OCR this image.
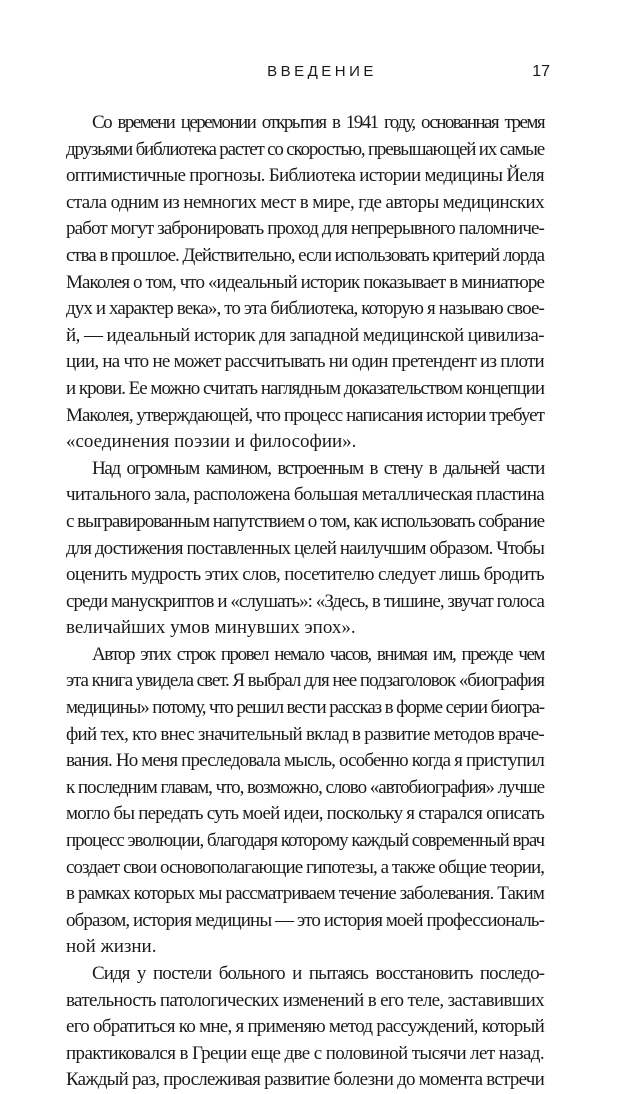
ВВЕДЕНИЕ	17
Со времени церемонии открытия в 1941 году, основанная тремя
друзьями библиотека растет со скоростью, превышающей их самые
оптимистичные прогнозы. Библиотека истории медицины Йеля
стала одним из немногих мест в мире, где авторы медицинских
работ могут забронировать проход для непрерывного паломниче-
ства в прошлое. Действительно, если использовать критерий лорда
Маколея о том, что «идеальный историк показывает в миниатюре
дух и характер века», то эта библиотека, которую я называю свое-
й, — идеальный историк для западной медицинской цивилиза-
ции, на что не может рассчитывать ни один претендент из плоти
и крови. Ее можно считать наглядным доказательством концепции
Маколея, утверждающей, что процесс написания истории требует
«соединения поэзии и философии».
Над огромным камином, встроенным в стену в дальней части
читального зала, расположена большая металлическая пластина
с выгравированным напутствием о том, как использовать собрание
для достижения поставленных целей наилучшим образом. Чтобы
оценить мудрость этих слов, посетителю следует лишь бродить
среди манускриптов и «слушать»: «Здесь, в тишине, звучат голоса
величайших умов минувших эпох».
Автор этих строк провел немало часов, внимая им, прежде чем
эта книга увидела свет. Я выбрал для нее подзаголовок «биография
медицины» потому, что решил вести рассказ в форме серии биогра-
фий тех, кто внес значительный вклад в развитие методов враче-
вания. Но меня преследовала мысль, особенно когда я приступил
к последним главам, что, возможно, слово «автобиография» лучше
могло бы передать суть моей идеи, поскольку я старался описать
процесс эволюции, благодаря которому каждый современный врач
создает свои основополагающие гипотезы, а также общие теории,
в рамках которых мы рассматриваем течение заболевания. Таким
образом, история медицины — это история моей профессиональ-
ной жизни.
Сидя у постели больного и пытаясь восстановить последо-
вательность патологических изменений в его теле, заставивших
его обратиться ко мне, я применяю метод рассуждений, который
практиковался в Греции еще две с половиной тысячи лет назад.
Каждый раз, прослеживая развитие болезни до момента встречи
